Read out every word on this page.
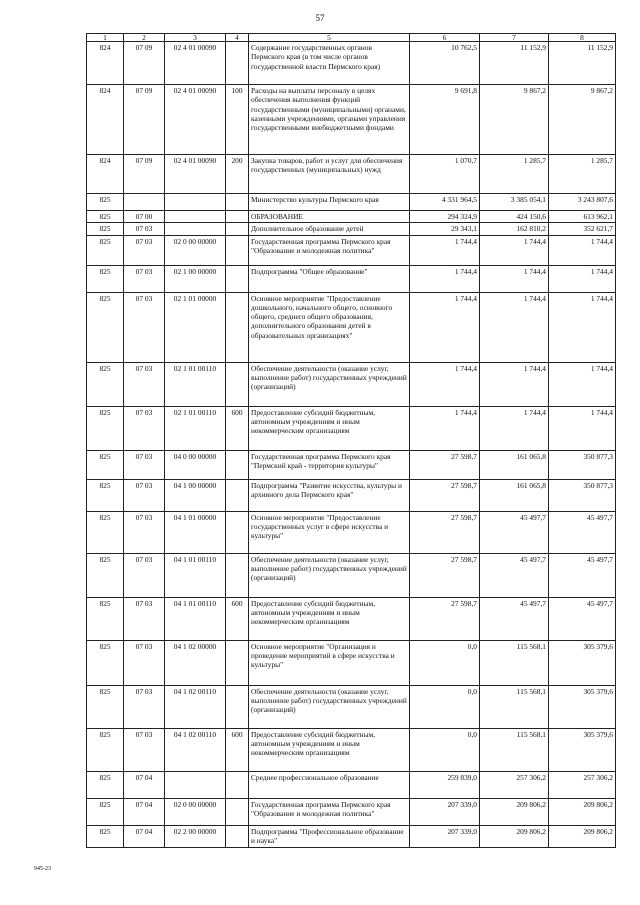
57
1	2	3	4	5	6	7	8
824	07 09	02 4 01 00090		Содержание государственных органов Пермского края (в том числе органов государственной власти Пермского края)	10 762,5	11 152,9	11 152,9
824	07 09	02 4 01 00090	100	Расходы на выплаты персоналу в целях обеспечения выполнения функций государственными (муниципальными) органами, казенными учреждениями, органами управления государственными внебюджетными фондами	9 691,8	9 867,2	9 867,2
824	07 09	02 4 01 00090	200	Закупка товаров, работ и услуг для обеспечения государственных (муниципальных) нужд	1 070,7	1 285,7	1 285,7
825				Министерство культуры Пермского края	4 331 964,5	3 385 054,1	3 243 807,6
825	07 00			ОБРАЗОВАНИЕ	294 324,9	424 150,6	613 962,1
825	07 03			Дополнительное образование детей	29 343,1	162 810,2	352 621,7
825	07 03	02 0 00 00000		Государственная программа Пермского края "Образование и молодежная политика"	1 744,4	1 744,4	1 744,4
825	07 03	02 1 00 00000		Подпрограмма "Общее образование"	1 744,4	1 744,4	1 744,4
825	07 03	02 1 01 00000		Основное мероприятие "Предоставление дошкольного, начального общего, основного общего, среднего общего образования, дополнительного образования детей в образовательных организациях"	1 744,4	1 744,4	1 744,4
825	07 03	02 1 01 00110		Обеспечение деятельности (оказание услуг, выполнение работ) государственных учреждений (организаций)	1 744,4	1 744,4	1 744,4
825	07 03	02 1 01 00110	600	Предоставление субсидий бюджетным, автономным учреждениям и иным некоммерческим организациям	1 744,4	1 744,4	1 744,4
825	07 03	04 0 00 00000		Государственная программа Пермского края "Пермский край - территория культуры"	27 598,7	161 065,8	350 877,3
825	07 03	04 1 00 00000		Подпрограмма "Развитие искусства, культуры и архивного дела Пермского края"	27 598,7	161 065,8	350 877,3
825	07 03	04 1 01 00000		Основное мероприятие "Предоставление государственных услуг в сфере искусства и культуры"	27 598,7	45 497,7	45 497,7
825	07 03	04 1 01 00110		Обеспечение деятельности (оказание услуг, выполнение работ) государственных учреждений (организаций)	27 598,7	45 497,7	45 497,7
825	07 03	04 1 01 00110	600	Предоставление субсидий бюджетным, автономным учреждениям и иным некоммерческим организациям	27 598,7	45 497,7	45 497,7
825	07 03	04 1 02 00000		Основное мероприятие "Организация и проведение мероприятий в сфере искусства и культуры"	0,0	115 568,1	305 379,6
825	07 03	04 1 02 00110		Обеспечение деятельности (оказание услуг, выполнение работ) государственных учреждений (организаций)	0,0	115 568,1	305 379,6
825	07 03	04 1 02 00110	600	Предоставление субсидий бюджетным, автономным учреждениям и иным некоммерческим организациям	0,0	115 568,1	305 379,6
825	07 04			Среднее профессиональное образование	259 839,0	257 306,2	257 306,2
825	07 04	02 0 00 00000		Государственная программа Пермского края "Образование и молодежная политика"	207 339,0	209 806,2	209 806,2
825	07 04	02 2 00 00000		Подпрограмма "Профессиональное образование и наука"	207 339,0	209 806,2	209 806,2
945-23
